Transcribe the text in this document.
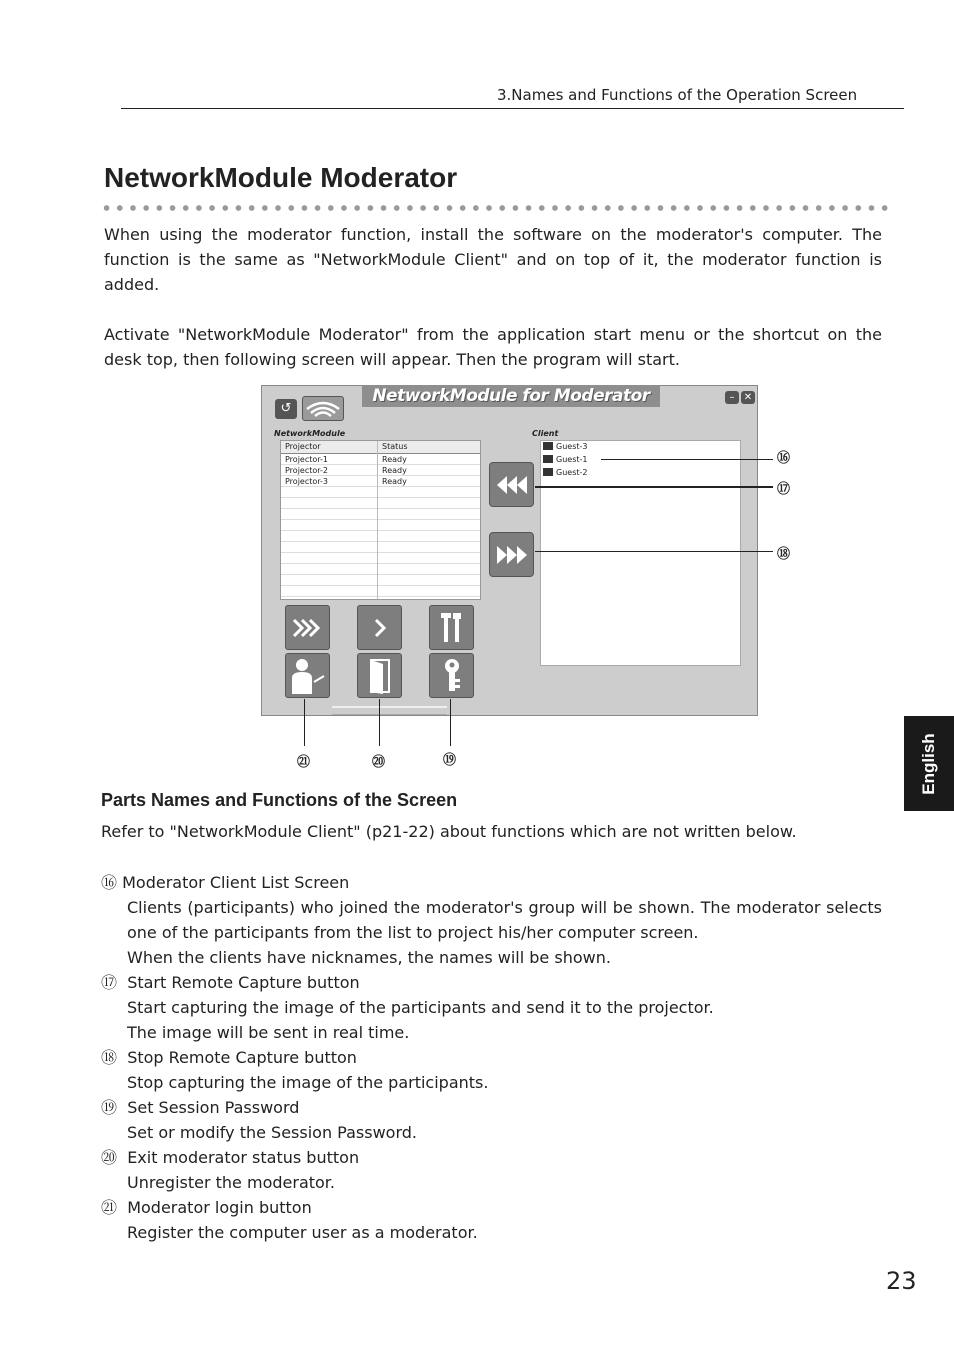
3.Names and Functions of the Operation Screen
NetworkModule Moderator
When using the moderator function, install the software on the moderator's computer. The function is the same as "NetworkModule Client" and on top of it, the moderator function is added.
Activate "NetworkModule Moderator" from the application start menu or the shortcut on the desk top, then following screen will appear. Then the program will start.
NetworkModule for Moderator	– ✕
↺
NetworkModule
Projector	Status
Projector-1	Ready
Projector-2	Ready
Projector-3	Ready
Client
Guest-3
Guest-1
Guest-2
⑯
⑰
⑱
㉑	⑳	⑲
Parts Names and Functions of the Screen
Refer to "NetworkModule Client" (p21-22) about functions which are not written below.
⑯ Moderator Client List Screen
Clients (participants) who joined the moderator's group will be shown. The moderator selects one of the participants from the list to project his/her computer screen.
When the clients have nicknames, the names will be shown.
⑰ Start Remote Capture button
Start capturing the image of the participants and send it to the projector.
The image will be sent in real time.
⑱ Stop Remote Capture button
Stop capturing the image of the participants.
⑲ Set Session Password
Set or modify the Session Password.
⑳ Exit moderator status button
Unregister the moderator.
㉑ Moderator login button
Register the computer user as a moderator.
English
23
